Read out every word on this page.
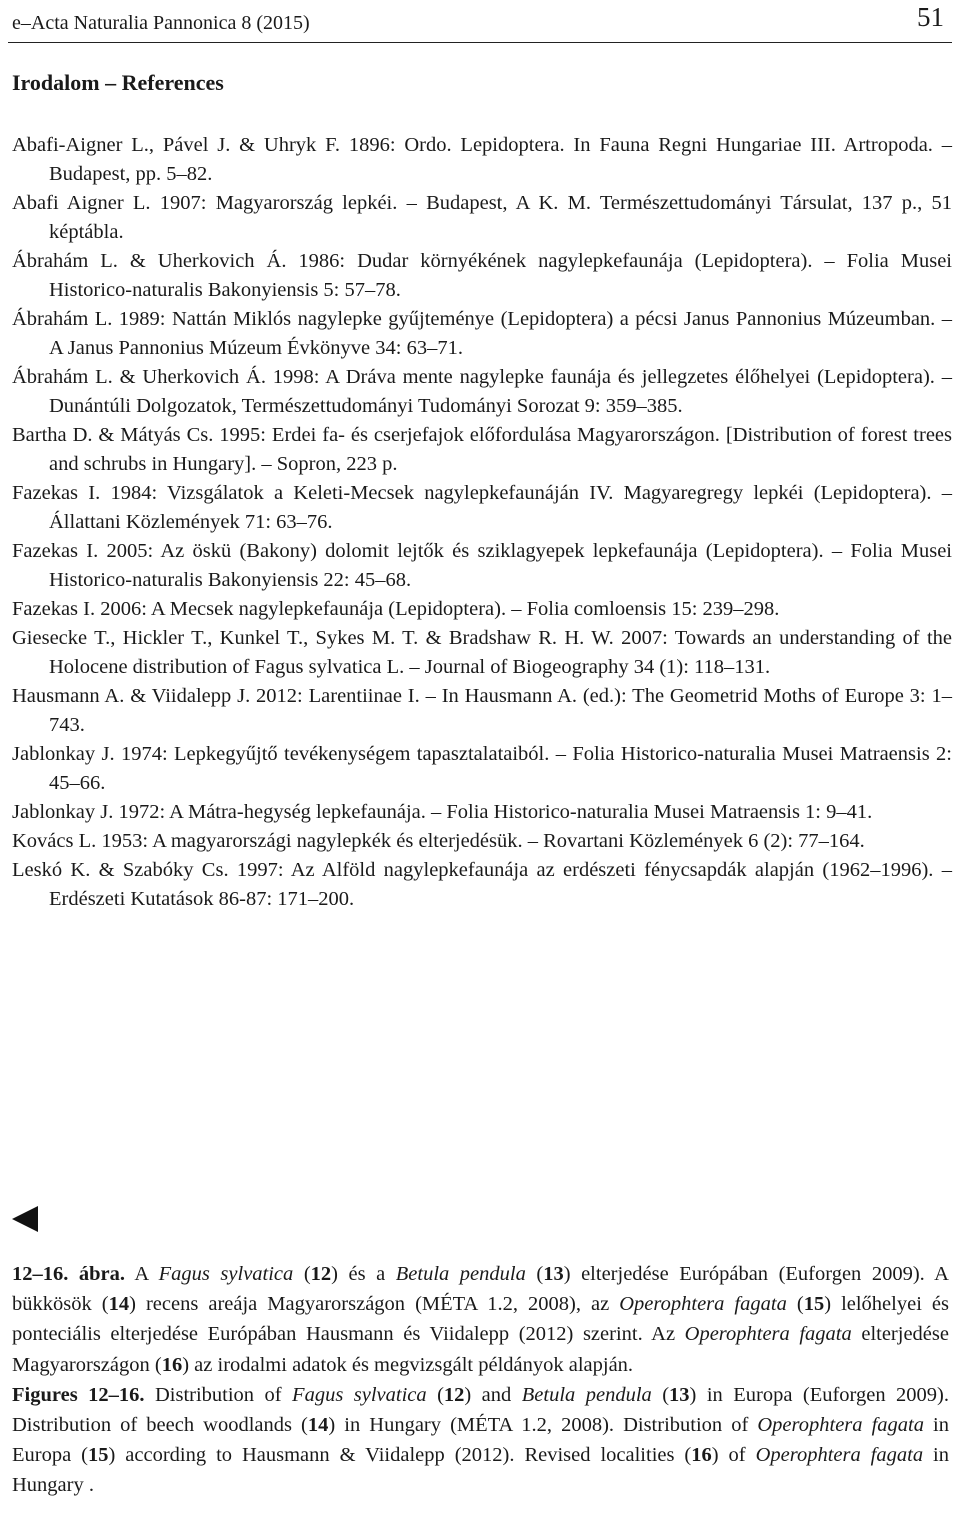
e–Acta Naturalia Pannonica 8 (2015)	51
Irodalom – References

Abafi-Aigner L., Pável J. & Uhryk F. 1896: Ordo. Lepidoptera. In Fauna Regni Hungariae III. Artropoda. – Budapest, pp. 5–82.

Abafi Aigner L. 1907: Magyarország lepkéi. – Budapest, A K. M. Természettudományi Társulat, 137 p., 51 képtábla.

Ábrahám L. & Uherkovich Á. 1986: Dudar környékének nagylepkefaunája (Lepidoptera). – Folia Musei Historico-naturalis Bakonyiensis 5: 57–78.

Ábrahám L. 1989: Nattán Miklós nagylepke gyűjteménye (Lepidoptera) a pécsi Janus Pannonius Múzeumban. – A Janus Pannonius Múzeum Évkönyve 34: 63–71.

Ábrahám L. & Uherkovich Á. 1998: A Dráva mente nagylepke faunája és jellegzetes élőhelyei (Lepidoptera). – Dunántúli Dolgozatok, Természettudományi Tudományi Sorozat 9: 359–385.

Bartha D. & Mátyás Cs. 1995: Erdei fa- és cserjefajok előfordulása Magyarországon. [Distribution of forest trees and schrubs in Hungary]. – Sopron, 223 p.

Fazekas I. 1984: Vizsgálatok a Keleti-Mecsek nagylepkefaunáján IV. Magyaregregy lepkéi (Lepidoptera). – Állattani Közlemények 71: 63–76.

Fazekas I. 2005: Az öskü (Bakony) dolomit lejtők és sziklagyepek lepkefaunája (Lepidoptera). – Folia Musei Historico-naturalis Bakonyiensis 22: 45–68.

Fazekas I. 2006: A Mecsek nagylepkefaunája (Lepidoptera). – Folia comloensis 15: 239–298.

Giesecke T., Hickler T., Kunkel T., Sykes M. T. & Bradshaw R. H. W. 2007: Towards an understanding of the Holocene distribution of Fagus sylvatica L. – Journal of Biogeography 34 (1): 118–131.

Hausmann A. & Viidalepp J. 2012: Larentiinae I. – In Hausmann A. (ed.): The Geometrid Moths of Europe 3: 1–743.

Jablonkay J. 1974: Lepkegyűjtő tevékenységem tapasztalataiból. – Folia Historico-naturalia Musei Matraensis 2: 45–66.

Jablonkay J. 1972: A Mátra-hegység lepkefaunája. – Folia Historico-naturalia Musei Matraensis 1: 9–41.

Kovács L. 1953: A magyarországi nagylepkék és elterjedésük. – Rovartani Közlemények 6 (2): 77–164.

Leskó K. & Szabóky Cs. 1997: Az Alföld nagylepkefaunája az erdészeti fénycsapdák alapján (1962–1996). – Erdészeti Kutatások 86-87: 171–200.

12–16. ábra. A Fagus sylvatica (12) és a Betula pendula (13) elterjedése Európában (Euforgen 2009). A bükkösök (14) recens areája Magyarországon (MÉTA 1.2, 2008), az Operophtera fagata (15) lelőhelyei és ponteciális elterjedése Európában Hausmann és Viidalepp (2012) szerint. Az Operophtera fagata elterjedése Magyarországon (16) az irodalmi adatok és megvizsgált példányok alapján.

Figures 12–16. Distribution of Fagus sylvatica (12) and Betula pendula (13) in Europa (Euforgen 2009). Distribution of beech woodlands (14) in Hungary (MÉTA 1.2, 2008). Distribution of Operophtera fagata in Europa (15) according to Hausmann & Viidalepp (2012). Revised localities (16) of Operophtera fagata in Hungary .
